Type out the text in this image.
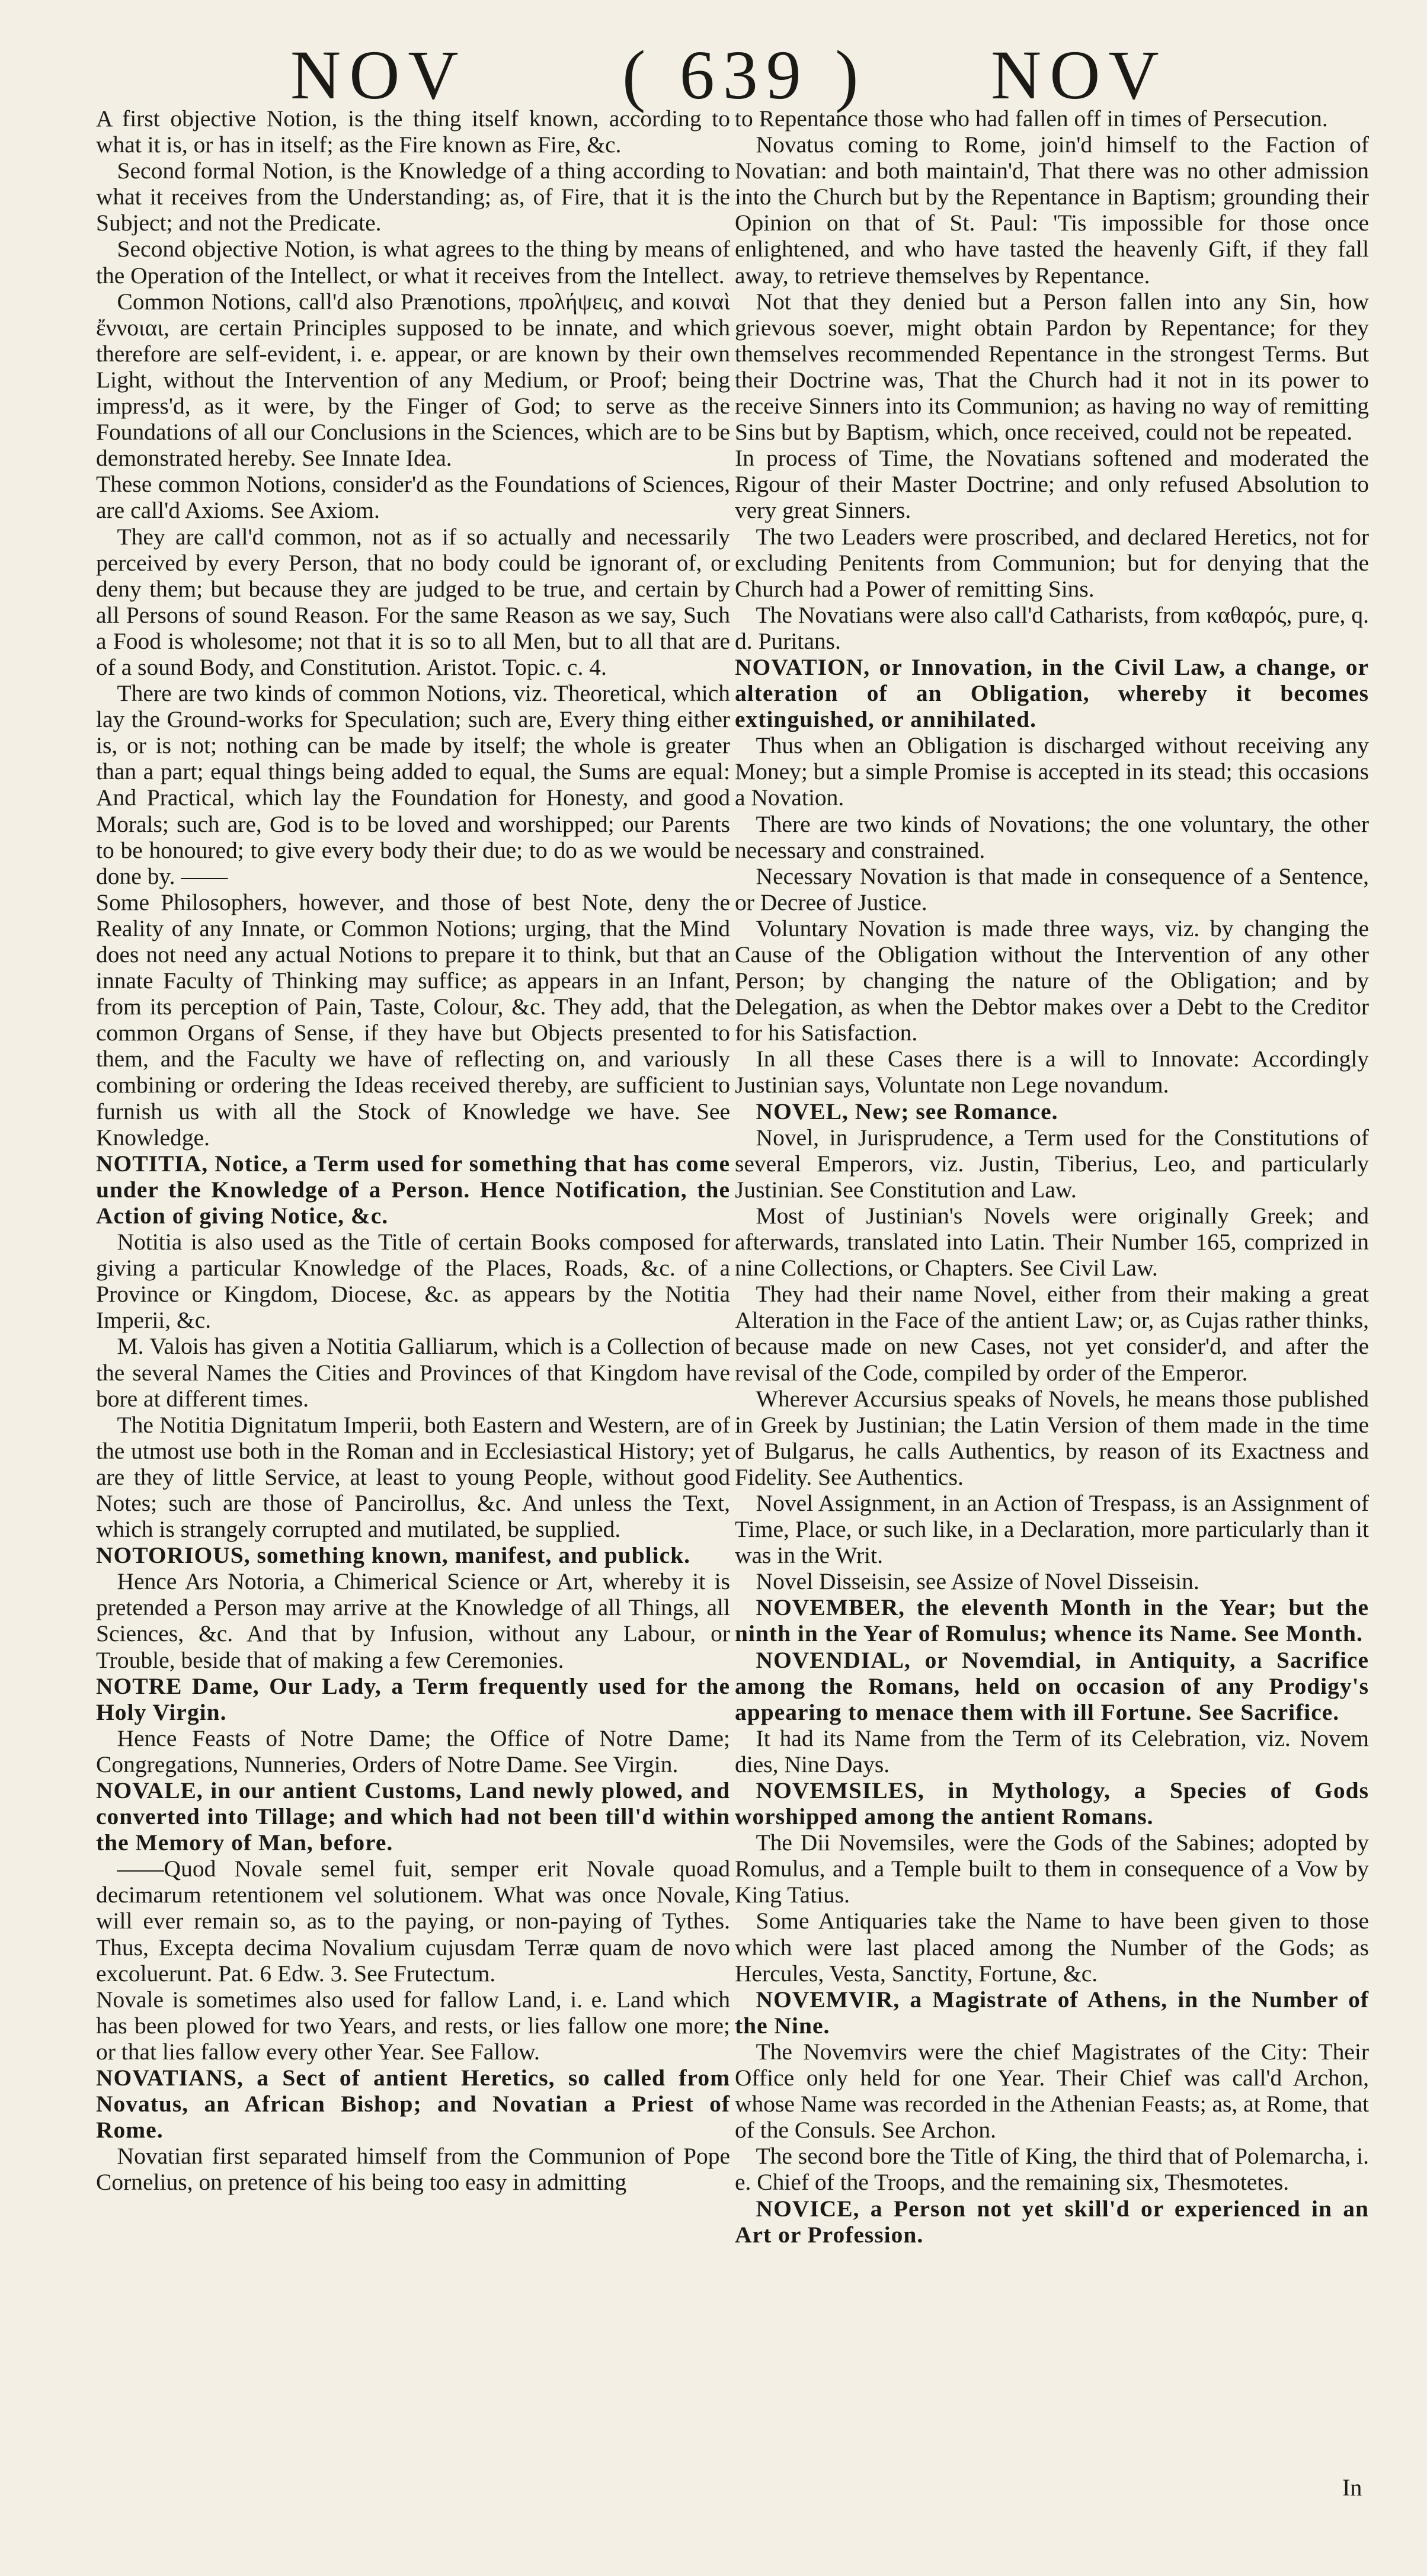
NOV ( 639 ) NOV

A first objective Notion, is the thing itself known, according to what it is, or has in itself; as the Fire known as Fire, &c.

Second formal Notion, is the Knowledge of a thing according to what it receives from the Understanding; as, of Fire, that it is the Subject; and not the Predicate.

Second objective Notion, is what agrees to the thing by means of the Operation of the Intellect, or what it receives from the Intellect.

Common Notions, call'd also Prænotions, προλήψεις, and κοιναὶ ἔννοιαι, are certain Principles supposed to be innate, and which therefore are self-evident, i. e. appear, or are known by their own Light, without the Intervention of any Medium, or Proof; being impress'd, as it were, by the Finger of God; to serve as the Foundations of all our Conclusions in the Sciences, which are to be demonstrated hereby. See Innate Idea.

These common Notions, consider'd as the Foundations of Sciences, are call'd Axioms. See Axiom.

They are call'd common, not as if so actually and necessarily perceived by every Person, that no body could be ignorant of, or deny them; but because they are judged to be true, and certain by all Persons of sound Reason. For the same Reason as we say, Such a Food is wholesome; not that it is so to all Men, but to all that are of a sound Body, and Constitution. Aristot. Topic. c. 4.

There are two kinds of common Notions, viz. Theoretical, which lay the Ground-works for Speculation; such are, Every thing either is, or is not; nothing can be made by itself; the whole is greater than a part; equal things being added to equal, the Sums are equal: And Practical, which lay the Foundation for Honesty, and good Morals; such are, God is to be loved and worshipped; our Parents to be honoured; to give every body their due; to do as we would be done by. ——

Some Philosophers, however, and those of best Note, deny the Reality of any Innate, or Common Notions; urging, that the Mind does not need any actual Notions to prepare it to think, but that an innate Faculty of Thinking may suffice; as appears in an Infant, from its perception of Pain, Taste, Colour, &c. They add, that the common Organs of Sense, if they have but Objects presented to them, and the Faculty we have of reflecting on, and variously combining or ordering the Ideas received thereby, are sufficient to furnish us with all the Stock of Knowledge we have. See Knowledge.

NOTITIA, Notice, a Term used for something that has come under the Knowledge of a Person. Hence Notification, the Action of giving Notice, &c.

Notitia is also used as the Title of certain Books composed for giving a particular Knowledge of the Places, Roads, &c. of a Province or Kingdom, Diocese, &c. as appears by the Notitia Imperii, &c.

M. Valois has given a Notitia Galliarum, which is a Collection of the several Names the Cities and Provinces of that Kingdom have bore at different times.

The Notitia Dignitatum Imperii, both Eastern and Western, are of the utmost use both in the Roman and in Ecclesiastical History; yet are they of little Service, at least to young People, without good Notes; such are those of Pancirollus, &c. And unless the Text, which is strangely corrupted and mutilated, be supplied.

NOTORIOUS, something known, manifest, and publick.

Hence Ars Notoria, a Chimerical Science or Art, whereby it is pretended a Person may arrive at the Knowledge of all Things, all Sciences, &c. And that by Infusion, without any Labour, or Trouble, beside that of making a few Ceremonies.

NOTRE Dame, Our Lady, a Term frequently used for the Holy Virgin.

Hence Feasts of Notre Dame; the Office of Notre Dame; Congregations, Nunneries, Orders of Notre Dame. See Virgin.

NOVALE, in our antient Customs, Land newly plowed, and converted into Tillage; and which had not been till'd within the Memory of Man, before.

——Quod Novale semel fuit, semper erit Novale quoad decimarum retentionem vel solutionem. What was once Novale, will ever remain so, as to the paying, or non-paying of Tythes. Thus, Excepta decima Novalium cujusdam Terræ quam de novo excoluerunt. Pat. 6 Edw. 3. See Frutectum.

Novale is sometimes also used for fallow Land, i. e. Land which has been plowed for two Years, and rests, or lies fallow one more; or that lies fallow every other Year. See Fallow.

NOVATIANS, a Sect of antient Heretics, so called from Novatus, an African Bishop; and Novatian a Priest of Rome.

Novatian first separated himself from the Communion of Pope Cornelius, on pretence of his being too easy in admitting

to Repentance those who had fallen off in times of Persecution.

Novatus coming to Rome, join'd himself to the Faction of Novatian: and both maintain'd, That there was no other admission into the Church but by the Repentance in Baptism; grounding their Opinion on that of St. Paul: 'Tis impossible for those once enlightened, and who have tasted the heavenly Gift, if they fall away, to retrieve themselves by Repentance.

Not that they denied but a Person fallen into any Sin, how grievous soever, might obtain Pardon by Repentance; for they themselves recommended Repentance in the strongest Terms. But their Doctrine was, That the Church had it not in its power to receive Sinners into its Communion; as having no way of remitting Sins but by Baptism, which, once received, could not be repeated.

In process of Time, the Novatians softened and moderated the Rigour of their Master Doctrine; and only refused Absolution to very great Sinners.

The two Leaders were proscribed, and declared Heretics, not for excluding Penitents from Communion; but for denying that the Church had a Power of remitting Sins.

The Novatians were also call'd Catharists, from καθαρός, pure, q. d. Puritans.

NOVATION, or Innovation, in the Civil Law, a change, or alteration of an Obligation, whereby it becomes extinguished, or annihilated.

Thus when an Obligation is discharged without receiving any Money; but a simple Promise is accepted in its stead; this occasions a Novation.

There are two kinds of Novations; the one voluntary, the other necessary and constrained.

Necessary Novation is that made in consequence of a Sentence, or Decree of Justice.

Voluntary Novation is made three ways, viz. by changing the Cause of the Obligation without the Intervention of any other Person; by changing the nature of the Obligation; and by Delegation, as when the Debtor makes over a Debt to the Creditor for his Satisfaction.

In all these Cases there is a will to Innovate: Accordingly Justinian says, Voluntate non Lege novandum.

NOVEL, New; see Romance.

Novel, in Jurisprudence, a Term used for the Constitutions of several Emperors, viz. Justin, Tiberius, Leo, and particularly Justinian. See Constitution and Law.

Most of Justinian's Novels were originally Greek; and afterwards, translated into Latin. Their Number 165, comprized in nine Collections, or Chapters. See Civil Law.

They had their name Novel, either from their making a great Alteration in the Face of the antient Law; or, as Cujas rather thinks, because made on new Cases, not yet consider'd, and after the revisal of the Code, compiled by order of the Emperor.

Wherever Accursius speaks of Novels, he means those published in Greek by Justinian; the Latin Version of them made in the time of Bulgarus, he calls Authentics, by reason of its Exactness and Fidelity. See Authentics.

Novel Assignment, in an Action of Trespass, is an Assignment of Time, Place, or such like, in a Declaration, more particularly than it was in the Writ.

Novel Disseisin, see Assize of Novel Disseisin.

NOVEMBER, the eleventh Month in the Year; but the ninth in the Year of Romulus; whence its Name. See Month.

NOVENDIAL, or Novemdial, in Antiquity, a Sacrifice among the Romans, held on occasion of any Prodigy's appearing to menace them with ill Fortune. See Sacrifice.

It had its Name from the Term of its Celebration, viz. Novem dies, Nine Days.

NOVEMSILES, in Mythology, a Species of Gods worshipped among the antient Romans.

The Dii Novemsiles, were the Gods of the Sabines; adopted by Romulus, and a Temple built to them in consequence of a Vow by King Tatius.

Some Antiquaries take the Name to have been given to those which were last placed among the Number of the Gods; as Hercules, Vesta, Sanctity, Fortune, &c.

NOVEMVIR, a Magistrate of Athens, in the Number of the Nine.

The Novemvirs were the chief Magistrates of the City: Their Office only held for one Year. Their Chief was call'd Archon, whose Name was recorded in the Athenian Feasts; as, at Rome, that of the Consuls. See Archon.

The second bore the Title of King, the third that of Polemarcha, i. e. Chief of the Troops, and the remaining six, Thesmotetes.

NOVICE, a Person not yet skill'd or experienced in an Art or Profession.

In
